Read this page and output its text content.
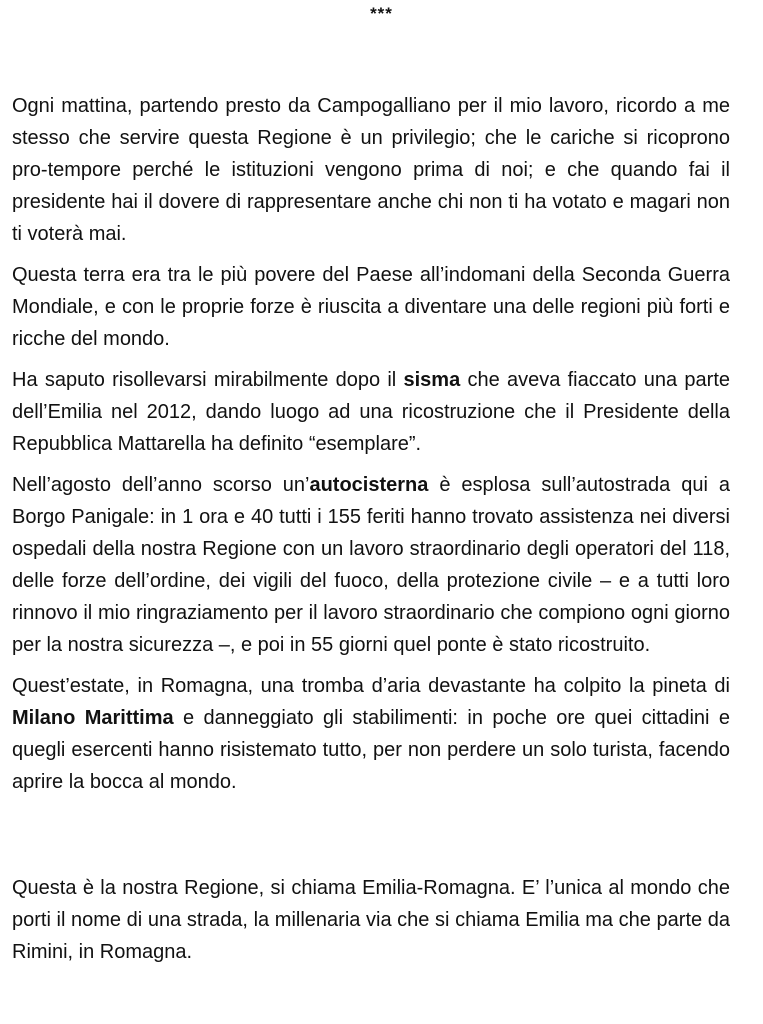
***

Ogni mattina, partendo presto da Campogalliano per il mio lavoro, ricordo a me stesso che servire questa Regione è un privilegio; che le cariche si ricoprono pro-tempore perché le istituzioni vengono prima di noi; e che quando fai il presidente hai il dovere di rappresentare anche chi non ti ha votato e magari non ti voterà mai.

Questa terra era tra le più povere del Paese all’indomani della Seconda Guerra Mondiale, e con le proprie forze è riuscita a diventare una delle regioni più forti e ricche del mondo.

Ha saputo risollevarsi mirabilmente dopo il sisma che aveva fiaccato una parte dell’Emilia nel 2012, dando luogo ad una ricostruzione che il Presidente della Repubblica Mattarella ha definito “esemplare”.

Nell’agosto dell’anno scorso un’autocisterna è esplosa sull’autostrada qui a Borgo Panigale: in 1 ora e 40 tutti i 155 feriti hanno trovato assistenza nei diversi ospedali della nostra Regione con un lavoro straordinario degli operatori del 118, delle forze dell’ordine, dei vigili del fuoco, della protezione civile – e a tutti loro rinnovo il mio ringraziamento per il lavoro straordinario che compiono ogni giorno per la nostra sicurezza –, e poi in 55 giorni quel ponte è stato ricostruito.

Quest’estate, in Romagna, una tromba d’aria devastante ha colpito la pineta di Milano Marittima e danneggiato gli stabilimenti: in poche ore quei cittadini e quegli esercenti hanno risistemato tutto, per non perdere un solo turista, facendo aprire la bocca al mondo.

Questa è la nostra Regione, si chiama Emilia-Romagna. E’ l’unica al mondo che porti il nome di una strada, la millenaria via che si chiama Emilia ma che parte da Rimini, in Romagna.
